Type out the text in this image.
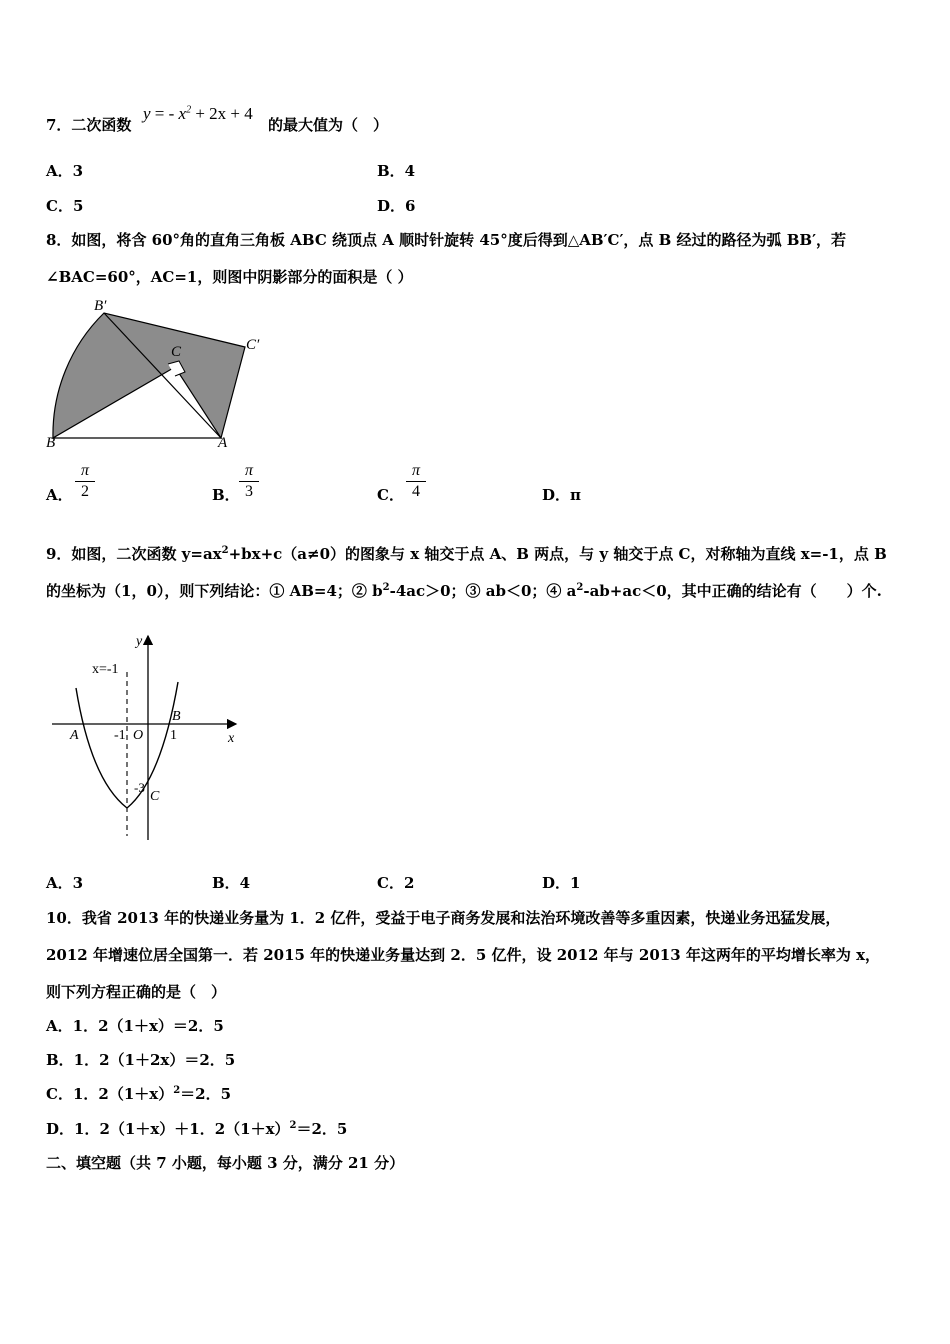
7．二次函数
y = - $x^2 + 2x + 4$
的最大值为（　）
A．3	B．4
C．5	D．6
8．如图，将含 60°角的直角三角板 ABC 绕顶点 A 顺时针旋转 45°度后得到△AB′C′，点 B 经过的路径为弧 BB′，若
∠BAC=60°，AC=1，则图中阴影部分的面积是（ ）
B′
C	C′
B	A
A．
π
2	B．
π
3	C．
π
4	D．π
9．如图，二次函数 $y=ax^2+bx+c(a\ne 0)$的图象与 x 轴交于点 A、B 两点，与 y 轴交于点 C，对称轴为直线 x=-1，点 B
的坐标为（1，0），则下列结论：① AB=4；② $b^2-4ac>0$；③ ab＜0；④ $a^2-ab+ac<0$，其中正确的结论有（　　）个.
y
x=-1
B
A	-1 O 1	x
-3
C
A．3	B．4	C．2	D．1
10．我省 2013 年的快递业务量为 1．2 亿件，受益于电子商务发展和法治环境改善等多重因素，快递业务迅猛发展，
2012 年增速位居全国第一．若 2015 年的快递业务量达到 2．5 亿件，设 2012 年与 2013 年这两年的平均增长率为 x，
则下列方程正确的是（　）
A．1．2（1＋x）＝2．5
B．1．2（1＋2x）＝2．5
C．1．$2(1+x)^2=2$．5
D．1．2（1＋x）＋1．$2(1+x)^2=2$．5
二、填空题（共 7 小题，每小题 3 分，满分 21 分）
